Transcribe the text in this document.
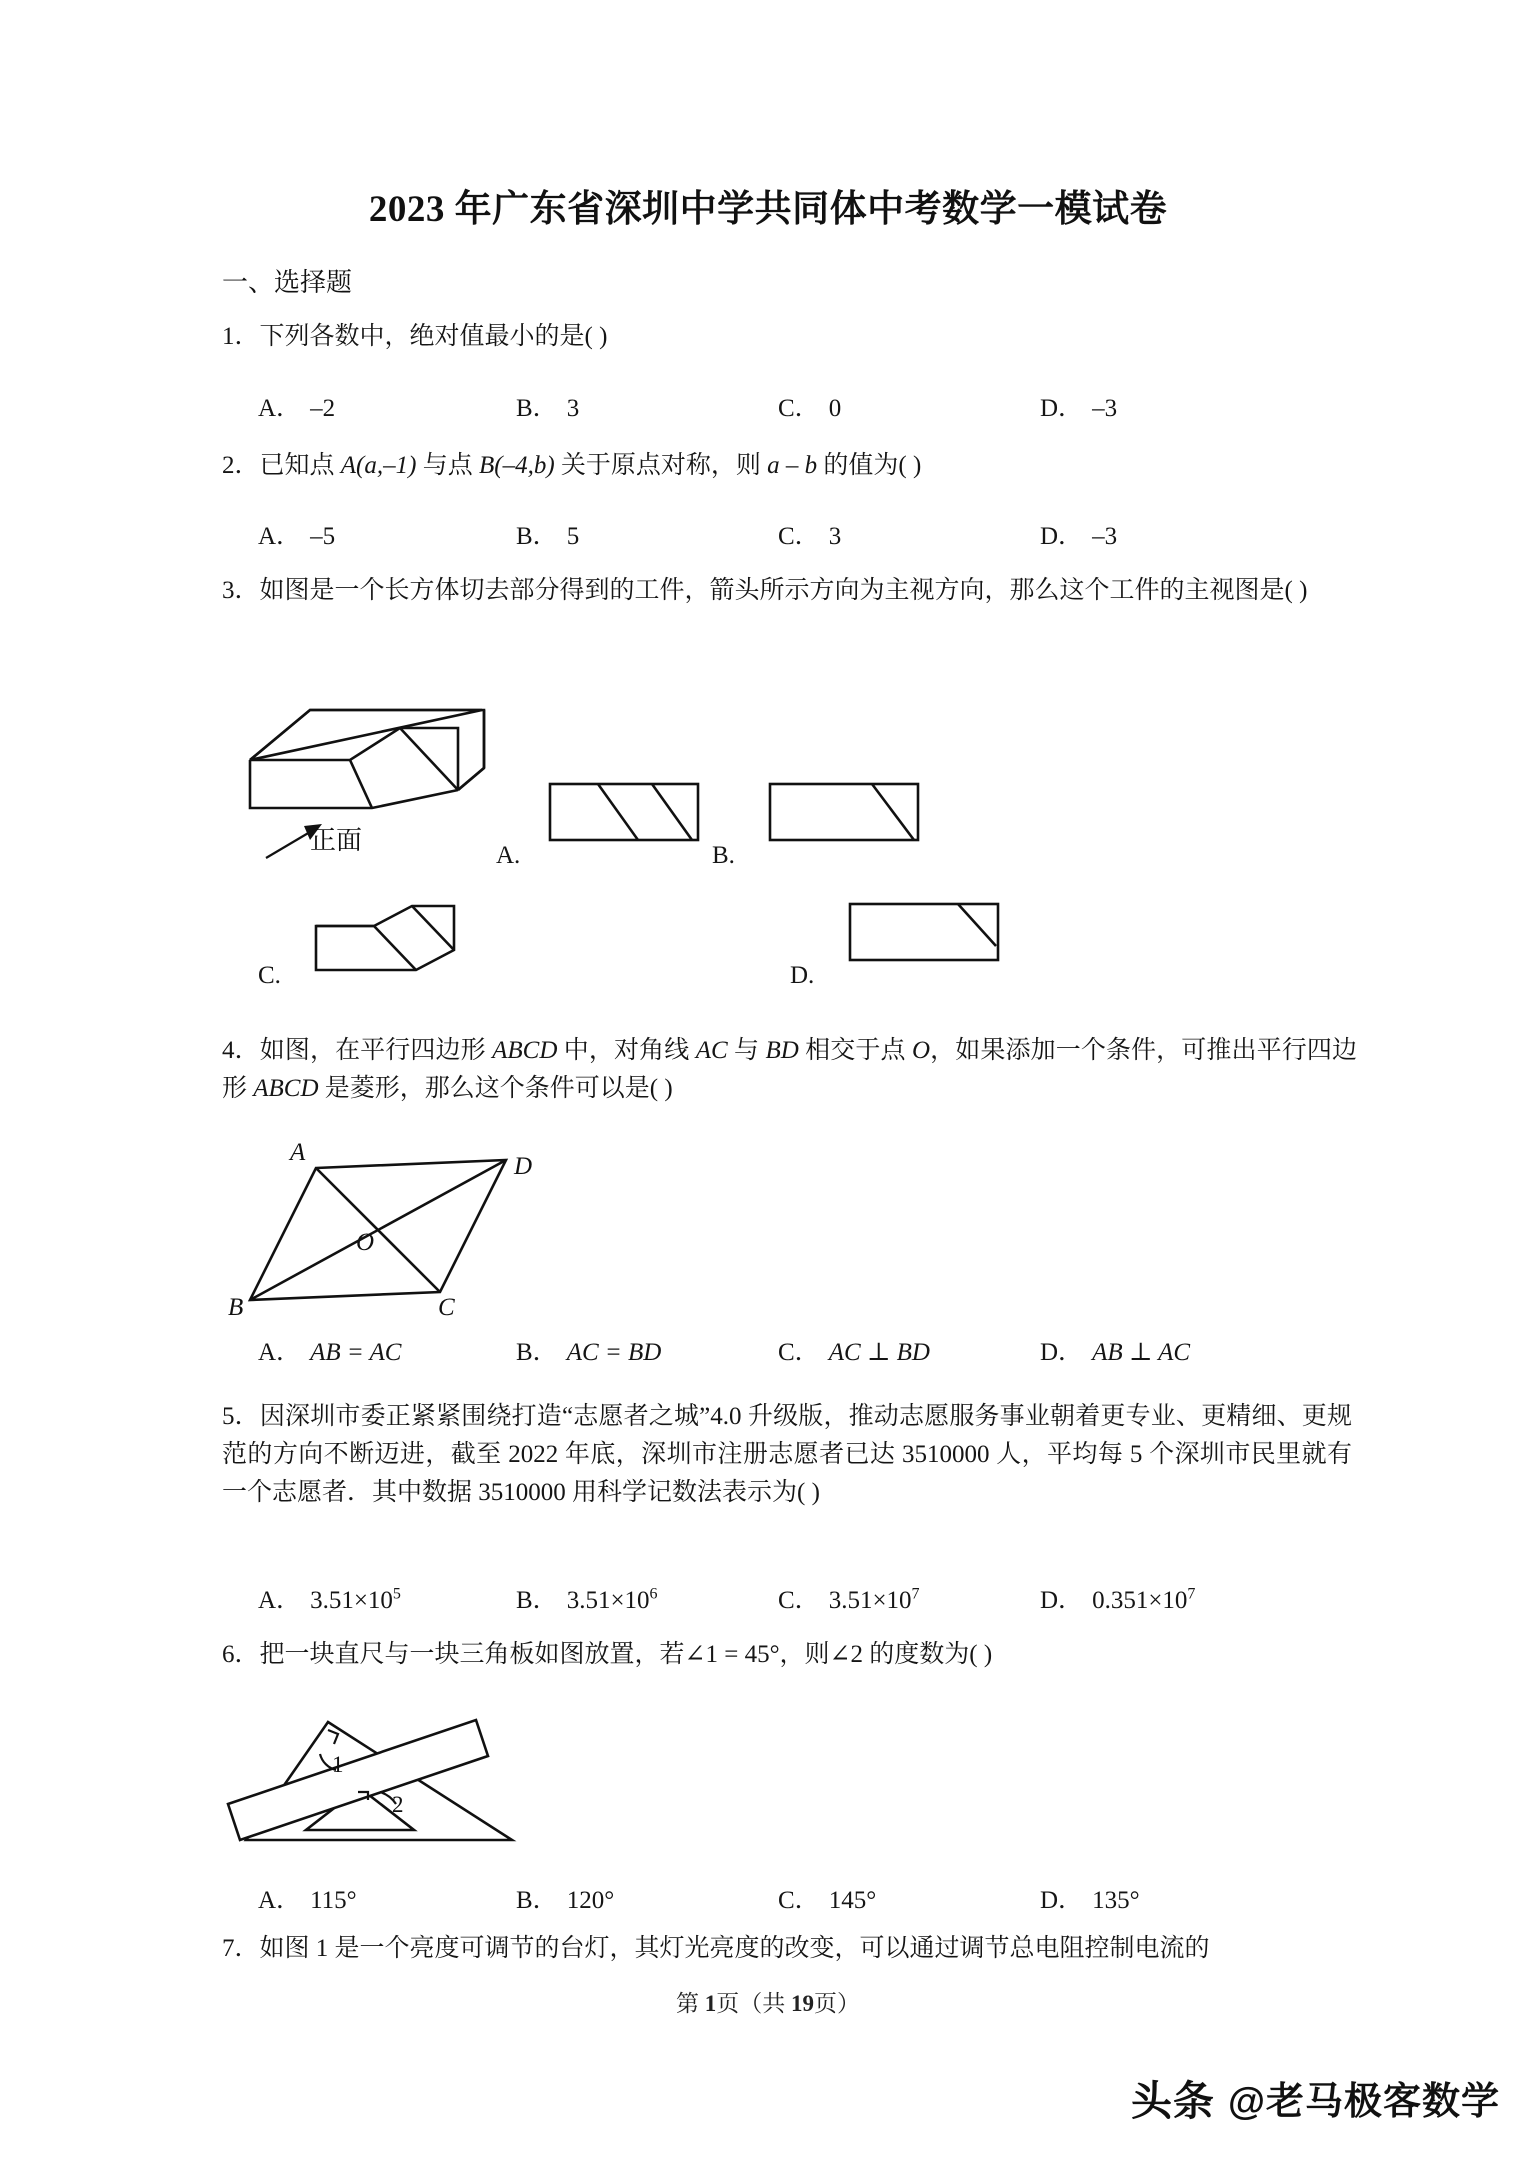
2023 年广东省深圳中学共同体中考数学一模试卷
一、选择题
1．下列各数中，绝对值最小的是( )
A． –2	B． 3	C． 0	D． –3
2．已知点 A(a,–1) 与点 B(–4,b) 关于原点对称，则 a – b 的值为( )
A． –5	B． 5	C． 3	D． –3
3．如图是一个长方体切去部分得到的工件，箭头所示方向为主视方向，那么这个工件的主视图是( )
正面
A.	B.
C.	D.
4．如图，在平行四边形 ABCD 中，对角线 AC 与 BD 相交于点 O，如果添加一个条件，可推出平行四边形 ABCD 是菱形，那么这个条件可以是( )
A
D
B	C
O
A． AB = AC	B． AC = BD	C． AC ⊥ BD	D． AB ⊥ AC
5．因深圳市委正紧紧围绕打造“志愿者之城”4.0 升级版，推动志愿服务事业朝着更专业、更精细、更规范的方向不断迈进，截至 2022 年底，深圳市注册志愿者已达 3510000 人，平均每 5 个深圳市民里就有一个志愿者．其中数据 3510000 用科学记数法表示为( )
A． $3.51\times 10^5$	B． $3.51\times 10^6$	C． $3.51\times 10^7$	D． $0.351\times 10^7$
6．把一块直尺与一块三角板如图放置，若∠1 = 45°，则∠2 的度数为( )
1
2
A． 115°	B． 120°	C． 145°	D． 135°
7．如图 1 是一个亮度可调节的台灯，其灯光亮度的改变，可以通过调节总电阻控制电流的
第 1页（共 19页）
头条 @老马极客数学
